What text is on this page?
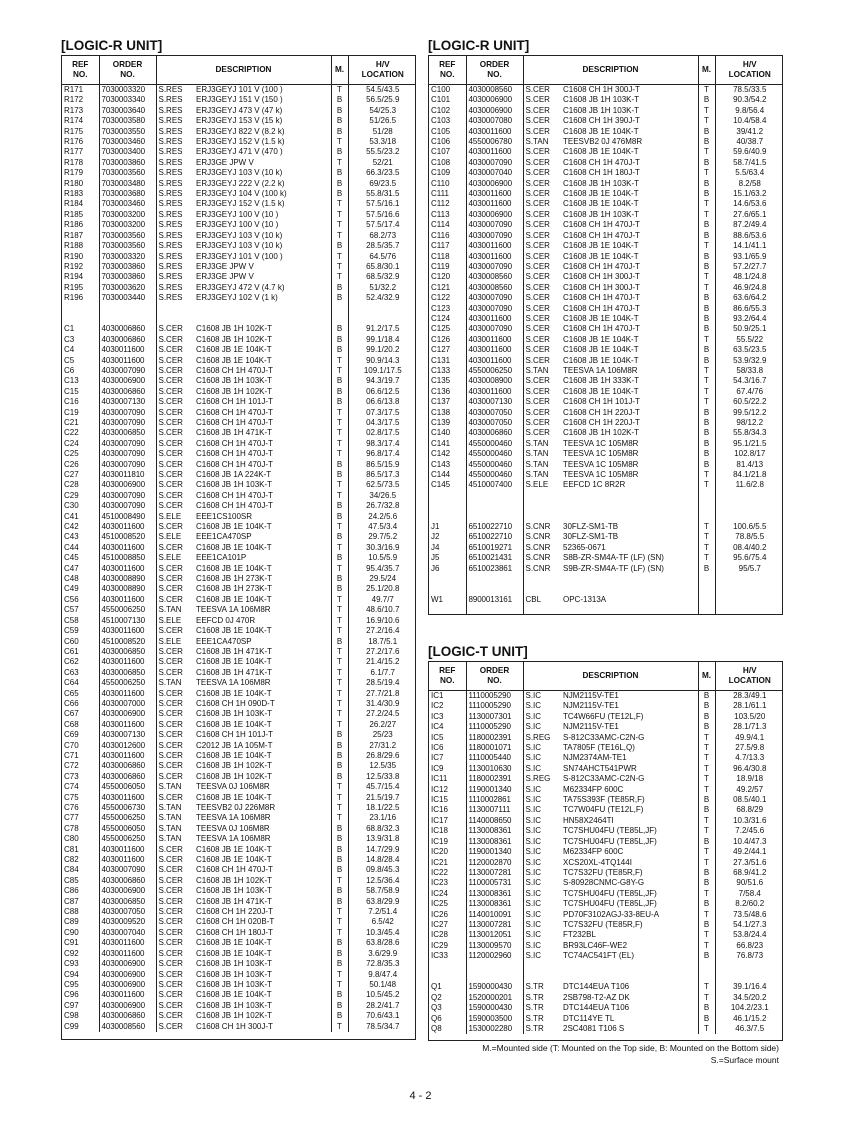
[LOGIC-R UNIT]
REF
NO.	ORDER
NO.	DESCRIPTION		M.	H/V
LOCATION
R171	7030003320	S.RES	ERJ3GEYJ 101 V (100 )	T	54.5/43.5
R172	7030003340	S.RES	ERJ3GEYJ 151 V (150 )	B	56.5/25.9
R173	7030003640	S.RES	ERJ3GEYJ 473 V (47 k)	B	54/25.3
R174	7030003580	S.RES	ERJ3GEYJ 153 V (15 k)	B	51/26.5
R175	7030003550	S.RES	ERJ3GEYJ 822 V (8.2 k)	B	51/28
R176	7030003460	S.RES	ERJ3GEYJ 152 V (1.5 k)	T	53.3/18
R177	7030003400	S.RES	ERJ3GEYJ 471 V (470 )	B	55.5/23.2
R178	7030003860	S.RES	ERJ3GE JPW V	T	52/21
R179	7030003560	S.RES	ERJ3GEYJ 103 V (10 k)	B	66.3/23.5
R180	7030003480	S.RES	ERJ3GEYJ 222 V (2.2 k)	B	69/23.5
R183	7030003680	S.RES	ERJ3GEYJ 104 V (100 k)	B	55.8/31.5
R184	7030003460	S.RES	ERJ3GEYJ 152 V (1.5 k)	T	57.5/16.1
R185	7030003200	S.RES	ERJ3GEYJ 100 V (10 )	T	57.5/16.6
R186	7030003200	S.RES	ERJ3GEYJ 100 V (10 )	T	57.5/17.4
R187	7030003560	S.RES	ERJ3GEYJ 103 V (10 k)	T	68.2/73
R188	7030003560	S.RES	ERJ3GEYJ 103 V (10 k)	B	28.5/35.7
R190	7030003320	S.RES	ERJ3GEYJ 101 V (100 )	T	64.5/76
R192	7030003860	S.RES	ERJ3GE JPW V	T	65.8/30.1
R194	7030003860	S.RES	ERJ3GE JPW V	T	68.5/32.9
R195	7030003620	S.RES	ERJ3GEYJ 472 V (4.7 k)	B	51/32.2
R196	7030003440	S.RES	ERJ3GEYJ 102 V (1 k)	B	52.4/32.9

C1	4030006860	S.CER	C1608 JB 1H 102K-T	B	91.2/17.5
C3	4030006860	S.CER	C1608 JB 1H 102K-T	B	99.1/18.4
C4	4030011600	S.CER	C1608 JB 1E 104K-T	B	99.1/20.2
C5	4030011600	S.CER	C1608 JB 1E 104K-T	T	90.9/14.3
C6	4030007090	S.CER	C1608 CH 1H 470J-T	T	109.1/17.5
C13	4030006900	S.CER	C1608 JB 1H 103K-T	B	94.3/19.7
C15	4030006860	S.CER	C1608 JB 1H 102K-T	B	06.6/12.5
C16	4030007130	S.CER	C1608 CH 1H 101J-T	B	06.6/13.8
C19	4030007090	S.CER	C1608 CH 1H 470J-T	T	07.3/17.5
C21	4030007090	S.CER	C1608 CH 1H 470J-T	T	04.3/17.5
C22	4030006850	S.CER	C1608 JB 1H 471K-T	T	02.8/17.5
C24	4030007090	S.CER	C1608 CH 1H 470J-T	T	98.3/17.4
C25	4030007090	S.CER	C1608 CH 1H 470J-T	T	96.8/17.4
C26	4030007090	S.CER	C1608 CH 1H 470J-T	B	86.5/15.9
C27	4030011810	S.CER	C1608 JB 1A 224K-T	B	86.5/17.3
C28	4030006900	S.CER	C1608 JB 1H 103K-T	T	62.5/73.5
C29	4030007090	S.CER	C1608 CH 1H 470J-T	T	34/26.5
C30	4030007090	S.CER	C1608 CH 1H 470J-T	B	26.7/32.8
C41	4510008490	S.ELE	EEE1CS100SR	B	24.2/5.6
C42	4030011600	S.CER	C1608 JB 1E 104K-T	T	47.5/3.4
C43	4510008520	S.ELE	EEE1CA470SP	B	29.7/5.2
C44	4030011600	S.CER	C1608 JB 1E 104K-T	T	30.3/16.9
C45	4510008850	S.ELE	EEE1CA101P	B	10.5/5.9
C47	4030011600	S.CER	C1608 JB 1E 104K-T	T	95.4/35.7
C48	4030008890	S.CER	C1608 JB 1H 273K-T	B	29.5/24
C49	4030008890	S.CER	C1608 JB 1H 273K-T	B	25.1/20.8
C56	4030011600	S.CER	C1608 JB 1E 104K-T	T	49.7/7
C57	4550006250	S.TAN	TEESVA 1A 106M8R	T	48.6/10.7
C58	4510007130	S.ELE	EEFCD 0J 470R	T	16.9/10.6
C59	4030011600	S.CER	C1608 JB 1E 104K-T	T	27.2/16.4
C60	4510008520	S.ELE	EEE1CA470SP	B	18.7/5.1
C61	4030006850	S.CER	C1608 JB 1H 471K-T	T	27.2/17.6
C62	4030011600	S.CER	C1608 JB 1E 104K-T	T	21.4/15.2
C63	4030006850	S.CER	C1608 JB 1H 471K-T	T	6.1/7.7
C64	4550006250	S.TAN	TEESVA 1A 106M8R	T	28.5/19.4
C65	4030011600	S.CER	C1608 JB 1E 104K-T	T	27.7/21.8
C66	4030007000	S.CER	C1608 CH 1H 090D-T	T	31.4/30.9
C67	4030006900	S.CER	C1608 JB 1H 103K-T	T	27.2/24.5
C68	4030011600	S.CER	C1608 JB 1E 104K-T	T	26.2/27
C69	4030007130	S.CER	C1608 CH 1H 101J-T	B	25/23
C70	4030012600	S.CER	C2012 JB 1A 105M-T	B	27/31.2
C71	4030011600	S.CER	C1608 JB 1E 104K-T	B	26.8/29.6
C72	4030006860	S.CER	C1608 JB 1H 102K-T	B	12.5/35
C73	4030006860	S.CER	C1608 JB 1H 102K-T	B	12.5/33.8
C74	4550006050	S.TAN	TEESVA 0J 106M8R	T	45.7/15.4
C75	4030011600	S.CER	C1608 JB 1E 104K-T	T	21.5/19.7
C76	4550006730	S.TAN	TEESVB2 0J 226M8R	T	18.1/22.5
C77	4550006250	S.TAN	TEESVA 1A 106M8R	T	23.1/16
C78	4550006050	S.TAN	TEESVA 0J 106M8R	B	68.8/32.3
C80	4550006250	S.TAN	TEESVA 1A 106M8R	B	13.9/31.8
C81	4030011600	S.CER	C1608 JB 1E 104K-T	B	14.7/29.9
C82	4030011600	S.CER	C1608 JB 1E 104K-T	B	14.8/28.4
C84	4030007090	S.CER	C1608 CH 1H 470J-T	B	09.8/45.3
C85	4030006860	S.CER	C1608 JB 1H 102K-T	T	12.5/36.4
C86	4030006900	S.CER	C1608 JB 1H 103K-T	B	58.7/58.9
C87	4030006850	S.CER	C1608 JB 1H 471K-T	B	63.8/29.9
C88	4030007050	S.CER	C1608 CH 1H 220J-T	T	7.2/51.4
C89	4030009520	S.CER	C1608 CH 1H 020B-T	T	6.5/42
C90	4030007040	S.CER	C1608 CH 1H 180J-T	T	10.3/45.4
C91	4030011600	S.CER	C1608 JB 1E 104K-T	B	63.8/28.6
C92	4030011600	S.CER	C1608 JB 1E 104K-T	B	3.6/29.9
C93	4030006900	S.CER	C1608 JB 1H 103K-T	B	72.8/35.3
C94	4030006900	S.CER	C1608 JB 1H 103K-T	T	9.8/47.4
C95	4030006900	S.CER	C1608 JB 1H 103K-T	T	50.1/48
C96	4030011600	S.CER	C1608 JB 1E 104K-T	B	10.5/45.2
C97	4030006900	S.CER	C1608 JB 1H 103K-T	B	28.2/41.7
C98	4030006860	S.CER	C1608 JB 1H 102K-T	B	70.6/43.1
C99	4030008560	S.CER	C1608 CH 1H 300J-T	T	78.5/34.7
[LOGIC-R UNIT]
REF
NO.	ORDER
NO.	DESCRIPTION		M.	H/V
LOCATION
C100	4030008560	S.CER	C1608 CH 1H 300J-T	T	78.5/33.5
C101	4030006900	S.CER	C1608 JB 1H 103K-T	B	90.3/54.2
C102	4030006900	S.CER	C1608 JB 1H 103K-T	T	9.8/56.4
C103	4030007080	S.CER	C1608 CH 1H 390J-T	T	10.4/58.4
C105	4030011600	S.CER	C1608 JB 1E 104K-T	B	39/41.2
C106	4550006780	S.TAN	TEESVB2 0J 476M8R	B	40/38.7
C107	4030011600	S.CER	C1608 JB 1E 104K-T	T	59.6/40.9
C108	4030007090	S.CER	C1608 CH 1H 470J-T	B	58.7/41.5
C109	4030007040	S.CER	C1608 CH 1H 180J-T	T	5.5/63.4
C110	4030006900	S.CER	C1608 JB 1H 103K-T	B	8.2/58
C111	4030011600	S.CER	C1608 JB 1E 104K-T	B	15.1/63.2
C112	4030011600	S.CER	C1608 JB 1E 104K-T	T	14.6/53.6
C113	4030006900	S.CER	C1608 JB 1H 103K-T	T	27.6/65.1
C114	4030007090	S.CER	C1608 CH 1H 470J-T	B	87.2/49.4
C116	4030007090	S.CER	C1608 CH 1H 470J-T	B	88.6/53.6
C117	4030011600	S.CER	C1608 JB 1E 104K-T	T	14.1/41.1
C118	4030011600	S.CER	C1608 JB 1E 104K-T	B	93.1/65.9
C119	4030007090	S.CER	C1608 CH 1H 470J-T	B	57.2/27.7
C120	4030008560	S.CER	C1608 CH 1H 300J-T	T	48.1/24.8
C121	4030008560	S.CER	C1608 CH 1H 300J-T	T	46.9/24.8
C122	4030007090	S.CER	C1608 CH 1H 470J-T	B	63.6/64.2
C123	4030007090	S.CER	C1608 CH 1H 470J-T	B	86.6/55.3
C124	4030011600	S.CER	C1608 JB 1E 104K-T	B	93.2/64.4
C125	4030007090	S.CER	C1608 CH 1H 470J-T	B	50.9/25.1
C126	4030011600	S.CER	C1608 JB 1E 104K-T	T	55.5/22
C127	4030011600	S.CER	C1608 JB 1E 104K-T	B	63.5/23.5
C131	4030011600	S.CER	C1608 JB 1E 104K-T	B	53.9/32.9
C133	4550006250	S.TAN	TEESVA 1A 106M8R	T	58/33.8
C135	4030008900	S.CER	C1608 JB 1H 333K-T	T	54.3/16.7
C136	4030011600	S.CER	C1608 JB 1E 104K-T	T	67.4/76
C137	4030007130	S.CER	C1608 CH 1H 101J-T	T	60.5/22.2
C138	4030007050	S.CER	C1608 CH 1H 220J-T	B	99.5/12.2
C139	4030007050	S.CER	C1608 CH 1H 220J-T	B	98/12.2
C140	4030006860	S.CER	C1608 JB 1H 102K-T	B	55.8/34.3
C141	4550000460	S.TAN	TEESVA 1C 105M8R	B	95.1/21.5
C142	4550000460	S.TAN	TEESVA 1C 105M8R	B	102.8/17
C143	4550000460	S.TAN	TEESVA 1C 105M8R	B	81.4/13
C144	4550000460	S.TAN	TEESVA 1C 105M8R	T	84.1/21.8
C145	4510007400	S.ELE	EEFCD 1C 8R2R	T	11.6/2.8

J1	6510022710	S.CNR	30FLZ-SM1-TB	T	100.6/5.5
J2	6510022710	S.CNR	30FLZ-SM1-TB	T	78.8/5.5
J4	6510019271	S.CNR	52365-0671	T	08.4/40.2
J5	6510021431	S.CNR	S8B-ZR-SM4A-TF (LF) (SN)	T	95.6/75.4
J6	6510023861	S.CNR	S9B-ZR-SM4A-TF (LF) (SN)	B	95/5.7

W1	8900013161	CBL	OPC-1313A		

[LOGIC-T UNIT]
REF
NO.	ORDER
NO.	DESCRIPTION		M.	H/V
LOCATION
IC1	1110005290	S.IC	NJM2115V-TE1	B	28.3/49.1
IC2	1110005290	S.IC	NJM2115V-TE1	B	28.1/61.1
IC3	1130007301	S.IC	TC4W66FU (TE12L,F)	B	103.5/20
IC4	1110005290	S.IC	NJM2115V-TE1	B	28.1/71.3
IC5	1180002391	S.REG	S-812C33AMC-C2N-G	T	49.9/4.1
IC6	1180001071	S.IC	TA7805F (TE16L,Q)	T	27.5/9.8
IC7	1110005440	S.IC	NJM2374AM-TE1	T	4.7/13.3
IC9	1130010630	S.IC	SN74AHCT541PWR	T	96.4/30.8
IC11	1180002391	S.REG	S-812C33AMC-C2N-G	T	18.9/18
IC12	1190001340	S.IC	M62334FP 600C	T	49.2/57
IC15	1110002861	S.IC	TA75S393F (TE85R,F)	B	08.5/40.1
IC16	1130007111	S.IC	TC7W04FU (TE12L,F)	B	68.8/29
IC17	1140008650	S.IC	HN58X2464TI	T	10.3/31.6
IC18	1130008361	S.IC	TC7SHU04FU (TE85L,JF)	T	7.2/45.6
IC19	1130008361	S.IC	TC7SHU04FU (TE85L,JF)	B	10.4/47.3
IC20	1190001340	S.IC	M62334FP 600C	T	49.2/44.1
IC21	1120002870	S.IC	XCS20XL-4TQ144I	T	27.3/51.6
IC22	1130007281	S.IC	TC7S32FU (TE85R,F)	B	68.9/41.2
IC23	1100005731	S.IC	S-80928CNMC-G8Y-G	B	90/51.6
IC24	1130008361	S.IC	TC7SHU04FU (TE85L,JF)	T	7/58.4
IC25	1130008361	S.IC	TC7SHU04FU (TE85L,JF)	B	8.2/60.2
IC26	1140010091	S.IC	PD70F3102AGJ-33-8EU-A	T	73.5/48.6
IC27	1130007281	S.IC	TC7S32FU (TE85R,F)	B	54.1/27.3
IC28	1130012051	S.IC	FT232BL	T	53.8/24.4
IC29	1130009570	S.IC	BR93LC46F-WE2	T	66.8/23
IC33	1120002960	S.IC	TC74AC541FT (EL)	B	76.8/73

Q1	1590000430	S.TR	DTC144EUA T106	T	39.1/16.4
Q2	1520000201	S.TR	2SB798-T2-AZ DK	T	34.5/20.2
Q3	1590000430	S.TR	DTC144EUA T106	B	104.2/23.1
Q6	1590003500	S.TR	DTC114YE TL	B	46.1/15.2
Q8	1530002280	S.TR	2SC4081 T106 S	T	46.3/7.5
M.=Mounted side (T: Mounted on the Top side, B: Mounted on the Bottom side)
S.=Surface mount
4 - 2
